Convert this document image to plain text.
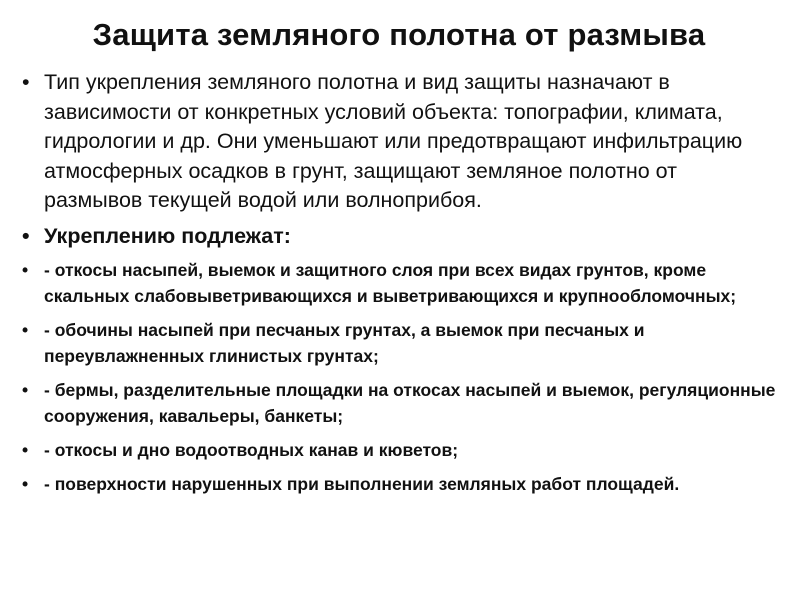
Защита земляного полотна от размыва
• Тип укрепления земляного полотна и вид защиты назначают в зависимости от конкретных условий объекта: топографии, климата, гидрологии и др. Они уменьшают или предотвращают инфильтрацию атмосферных осадков в грунт, защищают земляное полотно от размывов текущей водой или волноприбоя.
• Укреплению подлежат:
• - откосы насыпей, выемок и защитного слоя при всех видах грунтов, кроме скальных слабовыветривающихся и выветривающихся и крупнообломочных;
• - обочины насыпей при песчаных грунтах, а выемок при песчаных и переувлажненных глинистых грунтах;
• - бермы, разделительные площадки на откосах насыпей и выемок, регуляционные сооружения, кавальеры, банкеты;
• - откосы и дно водоотводных канав и кюветов;
• - поверхности нарушенных при выполнении земляных работ площадей.
